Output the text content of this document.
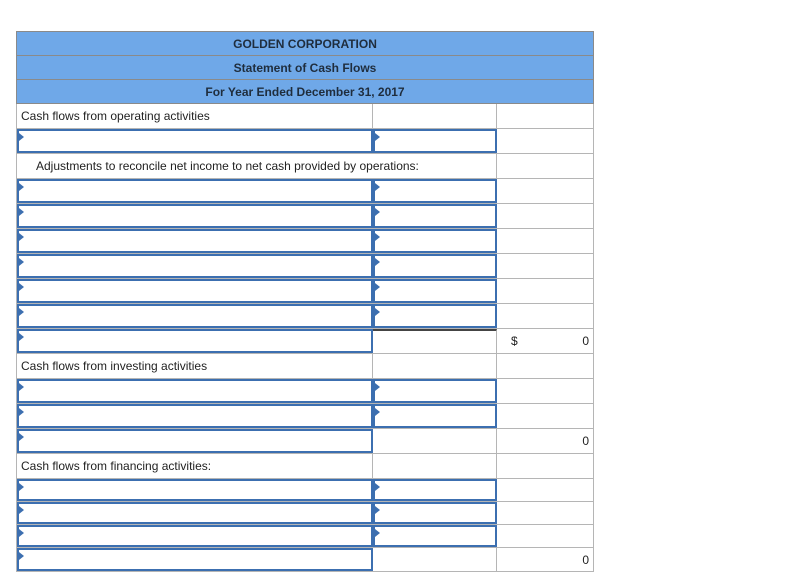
GOLDEN CORPORATION
Statement of Cash Flows
For Year Ended December 31, 2017
Cash flows from operating activities
Adjustments to reconcile net income to net cash provided by operations:
$	0
Cash flows from investing activities
0
Cash flows from financing activities:
0
